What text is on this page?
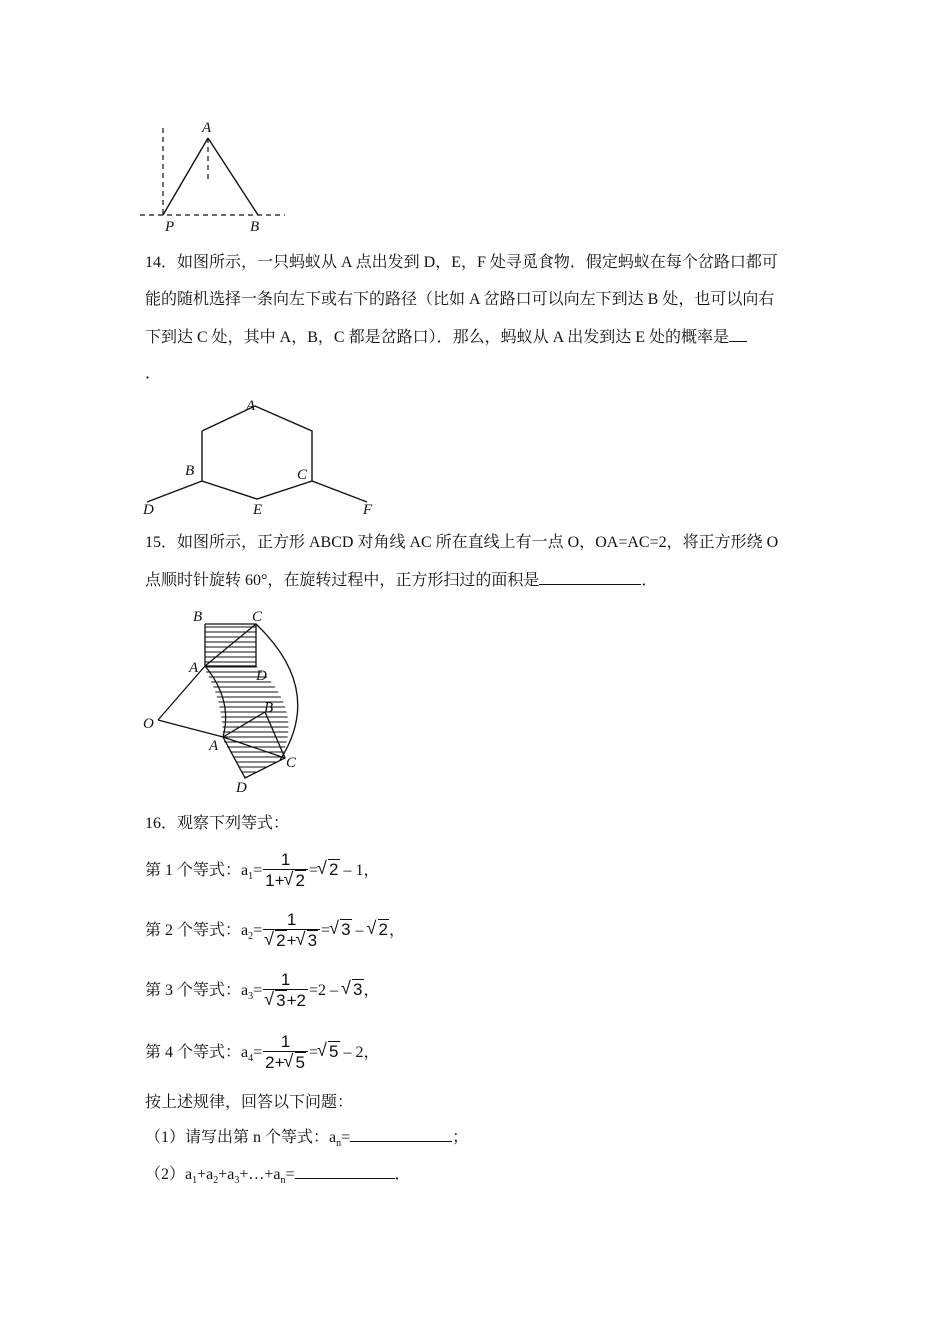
A
P	B
14．如图所示，一只蚂蚁从 A 点出发到 D，E，F 处寻觅食物．假定蚂蚁在每个岔路口都可
能的随机选择一条向左下或右下的路径（比如 A 岔路口可以向左下到达 B 处，也可以向右
下到达 C 处，其中 A，B，C 都是岔路口）．那么，蚂蚁从 A 出发到达 E 处的概率是
．
A
B	C
D	E	F
15．如图所示，正方形 ABCD 对角线 AC 所在直线上有一点 O，OA=AC=2，将正方形绕 O
点顺时针旋转 60°，在旋转过程中，正方形扫过的面积是	．
B	C
A	D
O
B
A
C
D
16．观察下列等式：
第 1 个等式：$a_1= \frac{1}{1+ √ 2}$ = √ 2 – 1，
第 2 个等式：$a_2= 1$
√ 2+ √ 3 = √ 3 – √ 2，
第 3 个等式：$a_3= 1$
√ 3+2 =2 – √ 3，
第 4 个等式：$a_4= \frac{1}{2+ √ 5}$ = √ 5 – 2，
按上述规律，回答以下问题：
（1）请写出第 n 个等式：$a_n=$	；
$(2)a_1+a_2+a_3+\dots+a_n=$	．
